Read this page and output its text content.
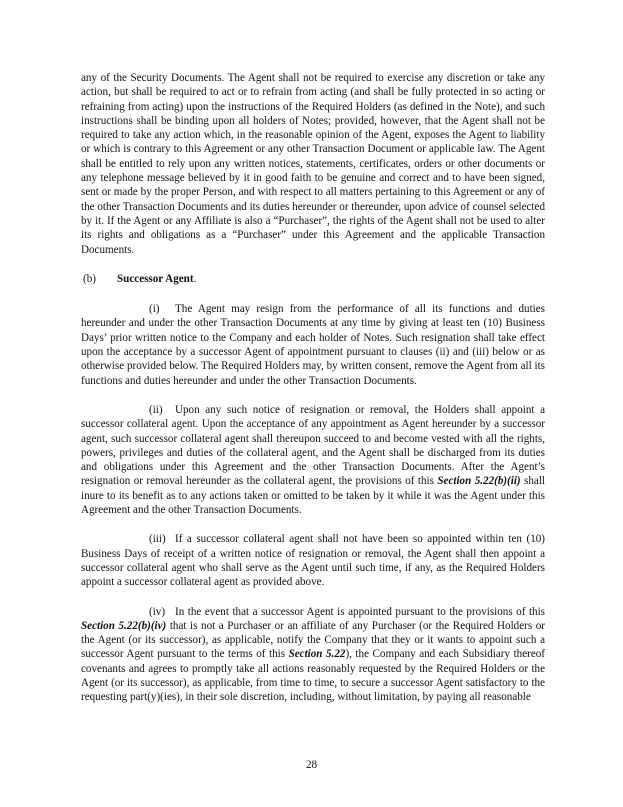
any of the Security Documents. The Agent shall not be required to exercise any discretion or take any action, but shall be required to act or to refrain from acting (and shall be fully protected in so acting or refraining from acting) upon the instructions of the Required Holders (as defined in the Note), and such instructions shall be binding upon all holders of Notes; provided, however, that the Agent shall not be required to take any action which, in the reasonable opinion of the Agent, exposes the Agent to liability or which is contrary to this Agreement or any other Transaction Document or applicable law. The Agent shall be entitled to rely upon any written notices, statements, certificates, orders or other documents or any telephone message believed by it in good faith to be genuine and correct and to have been signed, sent or made by the proper Person, and with respect to all matters pertaining to this Agreement or any of the other Transaction Documents and its duties hereunder or thereunder, upon advice of counsel selected by it. If the Agent or any Affiliate is also a “Purchaser”, the rights of the Agent shall not be used to alter its rights and obligations as a “Purchaser” under this Agreement and the applicable Transaction Documents.

(b) Successor Agent.

(i) The Agent may resign from the performance of all its functions and duties hereunder and under the other Transaction Documents at any time by giving at least ten (10) Business Days’ prior written notice to the Company and each holder of Notes. Such resignation shall take effect upon the acceptance by a successor Agent of appointment pursuant to clauses (ii) and (iii) below or as otherwise provided below. The Required Holders may, by written consent, remove the Agent from all its functions and duties hereunder and under the other Transaction Documents.

(ii) Upon any such notice of resignation or removal, the Holders shall appoint a successor collateral agent. Upon the acceptance of any appointment as Agent hereunder by a successor agent, such successor collateral agent shall thereupon succeed to and become vested with all the rights, powers, privileges and duties of the collateral agent, and the Agent shall be discharged from its duties and obligations under this Agreement and the other Transaction Documents. After the Agent’s resignation or removal hereunder as the collateral agent, the provisions of this Section 5.22(b)(ii) shall inure to its benefit as to any actions taken or omitted to be taken by it while it was the Agent under this Agreement and the other Transaction Documents.

(iii) If a successor collateral agent shall not have been so appointed within ten (10) Business Days of receipt of a written notice of resignation or removal, the Agent shall then appoint a successor collateral agent who shall serve as the Agent until such time, if any, as the Required Holders appoint a successor collateral agent as provided above.

(iv) In the event that a successor Agent is appointed pursuant to the provisions of this Section 5.22(b)(iv) that is not a Purchaser or an affiliate of any Purchaser (or the Required Holders or the Agent (or its successor), as applicable, notify the Company that they or it wants to appoint such a successor Agent pursuant to the terms of this Section 5.22), the Company and each Subsidiary thereof covenants and agrees to promptly take all actions reasonably requested by the Required Holders or the Agent (or its successor), as applicable, from time to time, to secure a successor Agent satisfactory to the requesting part(y)(ies), in their sole discretion, including, without limitation, by paying all reasonable

28
